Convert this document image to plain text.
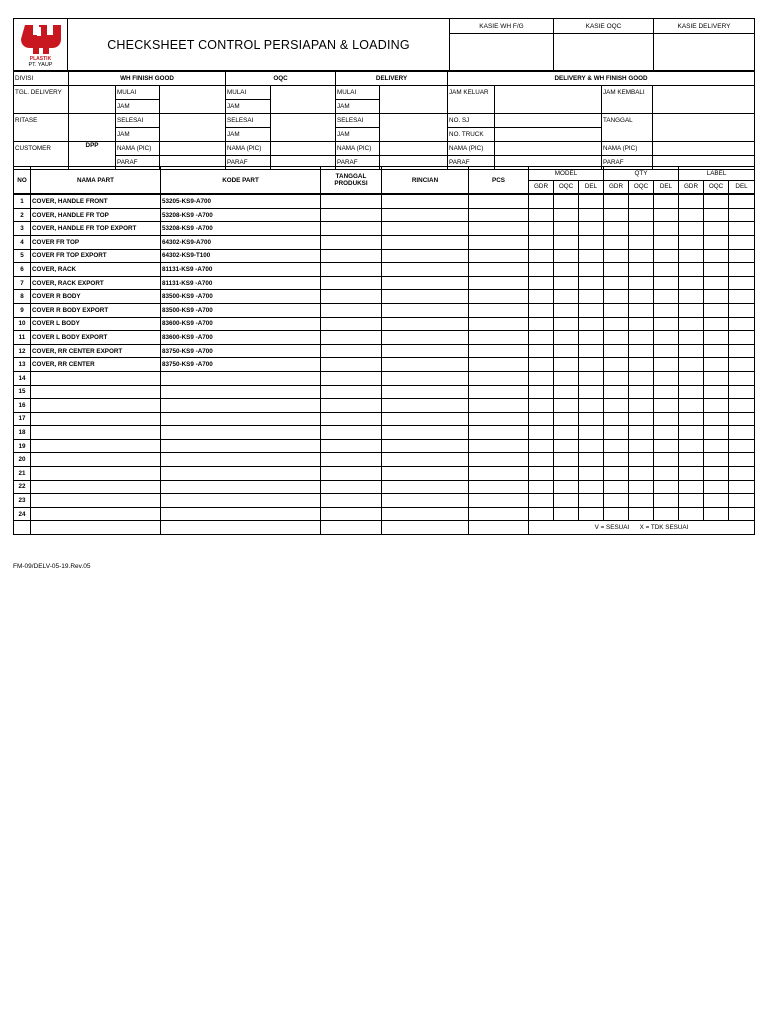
PLASTIK
PT. YAUP	CHECKSHEET CONTROL PERSIAPAN & LOADING	KASIE WH F/G	KASIE OQC	KASIE DELIVERY

DIVISI	WH FINISH GOOD			OQC		DELIVERY		DELIVERY & WH FINISH GOOD			
TGL. DELIVERY		MULAI		MULAI		MULAI		JAM KELUAR		JAM KEMBALI	
		JAM		JAM		JAM					
RITASE		SELESAI		SELESAI		SELESAI		NO. SJ		TANGGAL	
		JAM		JAM		JAM		NO. TRUCK			
CUSTOMER	DPP	NAMA (PIC)		NAMA (PIC)		NAMA (PIC)		NAMA (PIC)		NAMA (PIC)	
		PARAF		PARAF		PARAF		PARAF		PARAF	
NO	NAMA PART	KODE PART	TANGGAL PRODUKSI	RINCIAN	PCS	MODEL			QTY			LABEL		
						GDR	OQC	DEL	GDR	OQC	DEL	GDR	OQC	DEL
1	COVER, HANDLE FRONT	53205-KS9-A700												
2	COVER, HANDLE FR TOP	53208-KS9 -A700												
3	COVER, HANDLE FR TOP EXPORT	53208-KS9 -A700												
4	COVER FR TOP	64302-KS9-A700												
5	COVER FR TOP EXPORT	64302-KS9-T100												
6	COVER, RACK	81131-KS9 -A700												
7	COVER, RACK EXPORT	81131-KS9 -A700												
8	COVER R BODY	83500-KS9 -A700												
9	COVER R BODY EXPORT	83500-KS9 -A700												
10	COVER L BODY	83600-KS9 -A700												
11	COVER L BODY EXPORT	83600-KS9 -A700												
12	COVER, RR CENTER EXPORT	83750-KS9 -A700												
13	COVER, RR CENTER	83750-KS9 -A700												
14														
15														
16														
17														
18														
19														
20														
21														
22														
23														
24														
						V = SESUAI      X = TDK SESUAI								
FM-09/DELV-05-19.Rev.05
